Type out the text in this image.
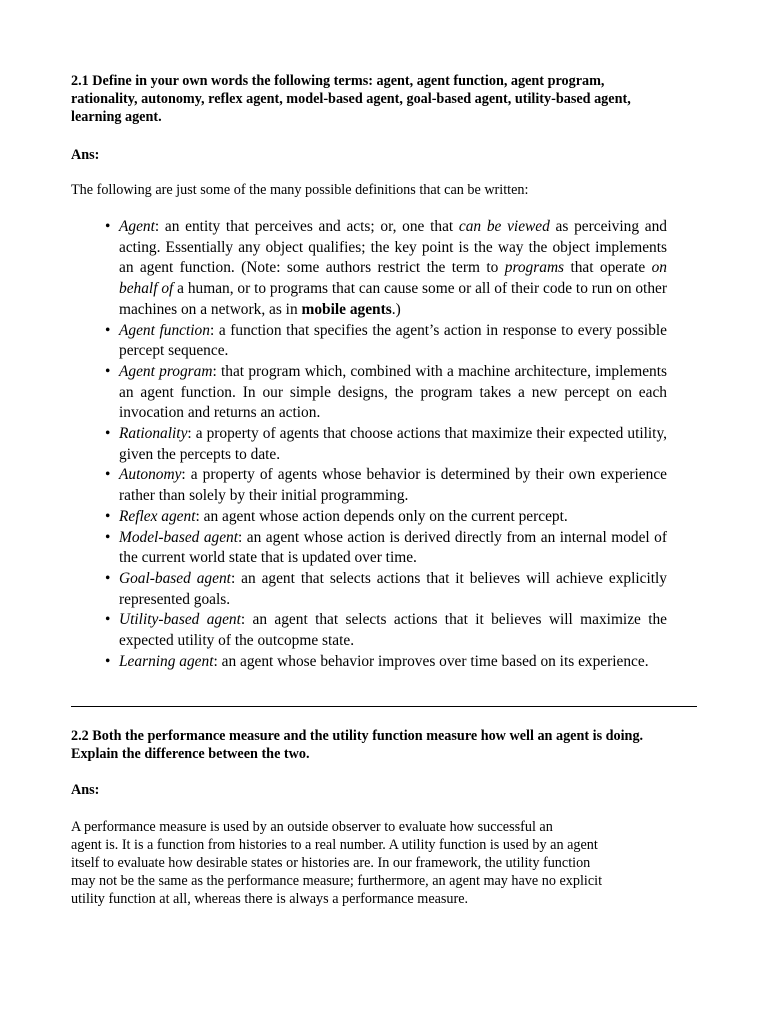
2.1 Define in your own words the following terms: agent, agent function, agent program, rationality, autonomy, reflex agent, model-based agent, goal-based agent, utility-based agent, learning agent.

Ans:

The following are just some of the many possible definitions that can be written:

• Agent: an entity that perceives and acts; or, one that can be viewed as perceiving and acting. Essentially any object qualifies; the key point is the way the object implements an agent function. (Note: some authors restrict the term to programs that operate on behalf of a human, or to programs that can cause some or all of their code to run on other machines on a network, as in mobile agents.)
• Agent function: a function that specifies the agent’s action in response to every possible percept sequence.
• Agent program: that program which, combined with a machine architecture, implements an agent function. In our simple designs, the program takes a new percept on each invocation and returns an action.
• Rationality: a property of agents that choose actions that maximize their expected utility, given the percepts to date.
• Autonomy: a property of agents whose behavior is determined by their own experience rather than solely by their initial programming.
• Reflex agent: an agent whose action depends only on the current percept.
• Model-based agent: an agent whose action is derived directly from an internal model of the current world state that is updated over time.
• Goal-based agent: an agent that selects actions that it believes will achieve explicitly represented goals.
• Utility-based agent: an agent that selects actions that it believes will maximize the expected utility of the outcopme state.
• Learning agent: an agent whose behavior improves over time based on its experience.

2.2 Both the performance measure and the utility function measure how well an agent is doing. Explain the difference between the two.

Ans:

A performance measure is used by an outside observer to evaluate how successful an

agent is. It is a function from histories to a real number. A utility function is used by an agent

itself to evaluate how desirable states or histories are. In our framework, the utility function

may not be the same as the performance measure; furthermore, an agent may have no explicit

utility function at all, whereas there is always a performance measure.
